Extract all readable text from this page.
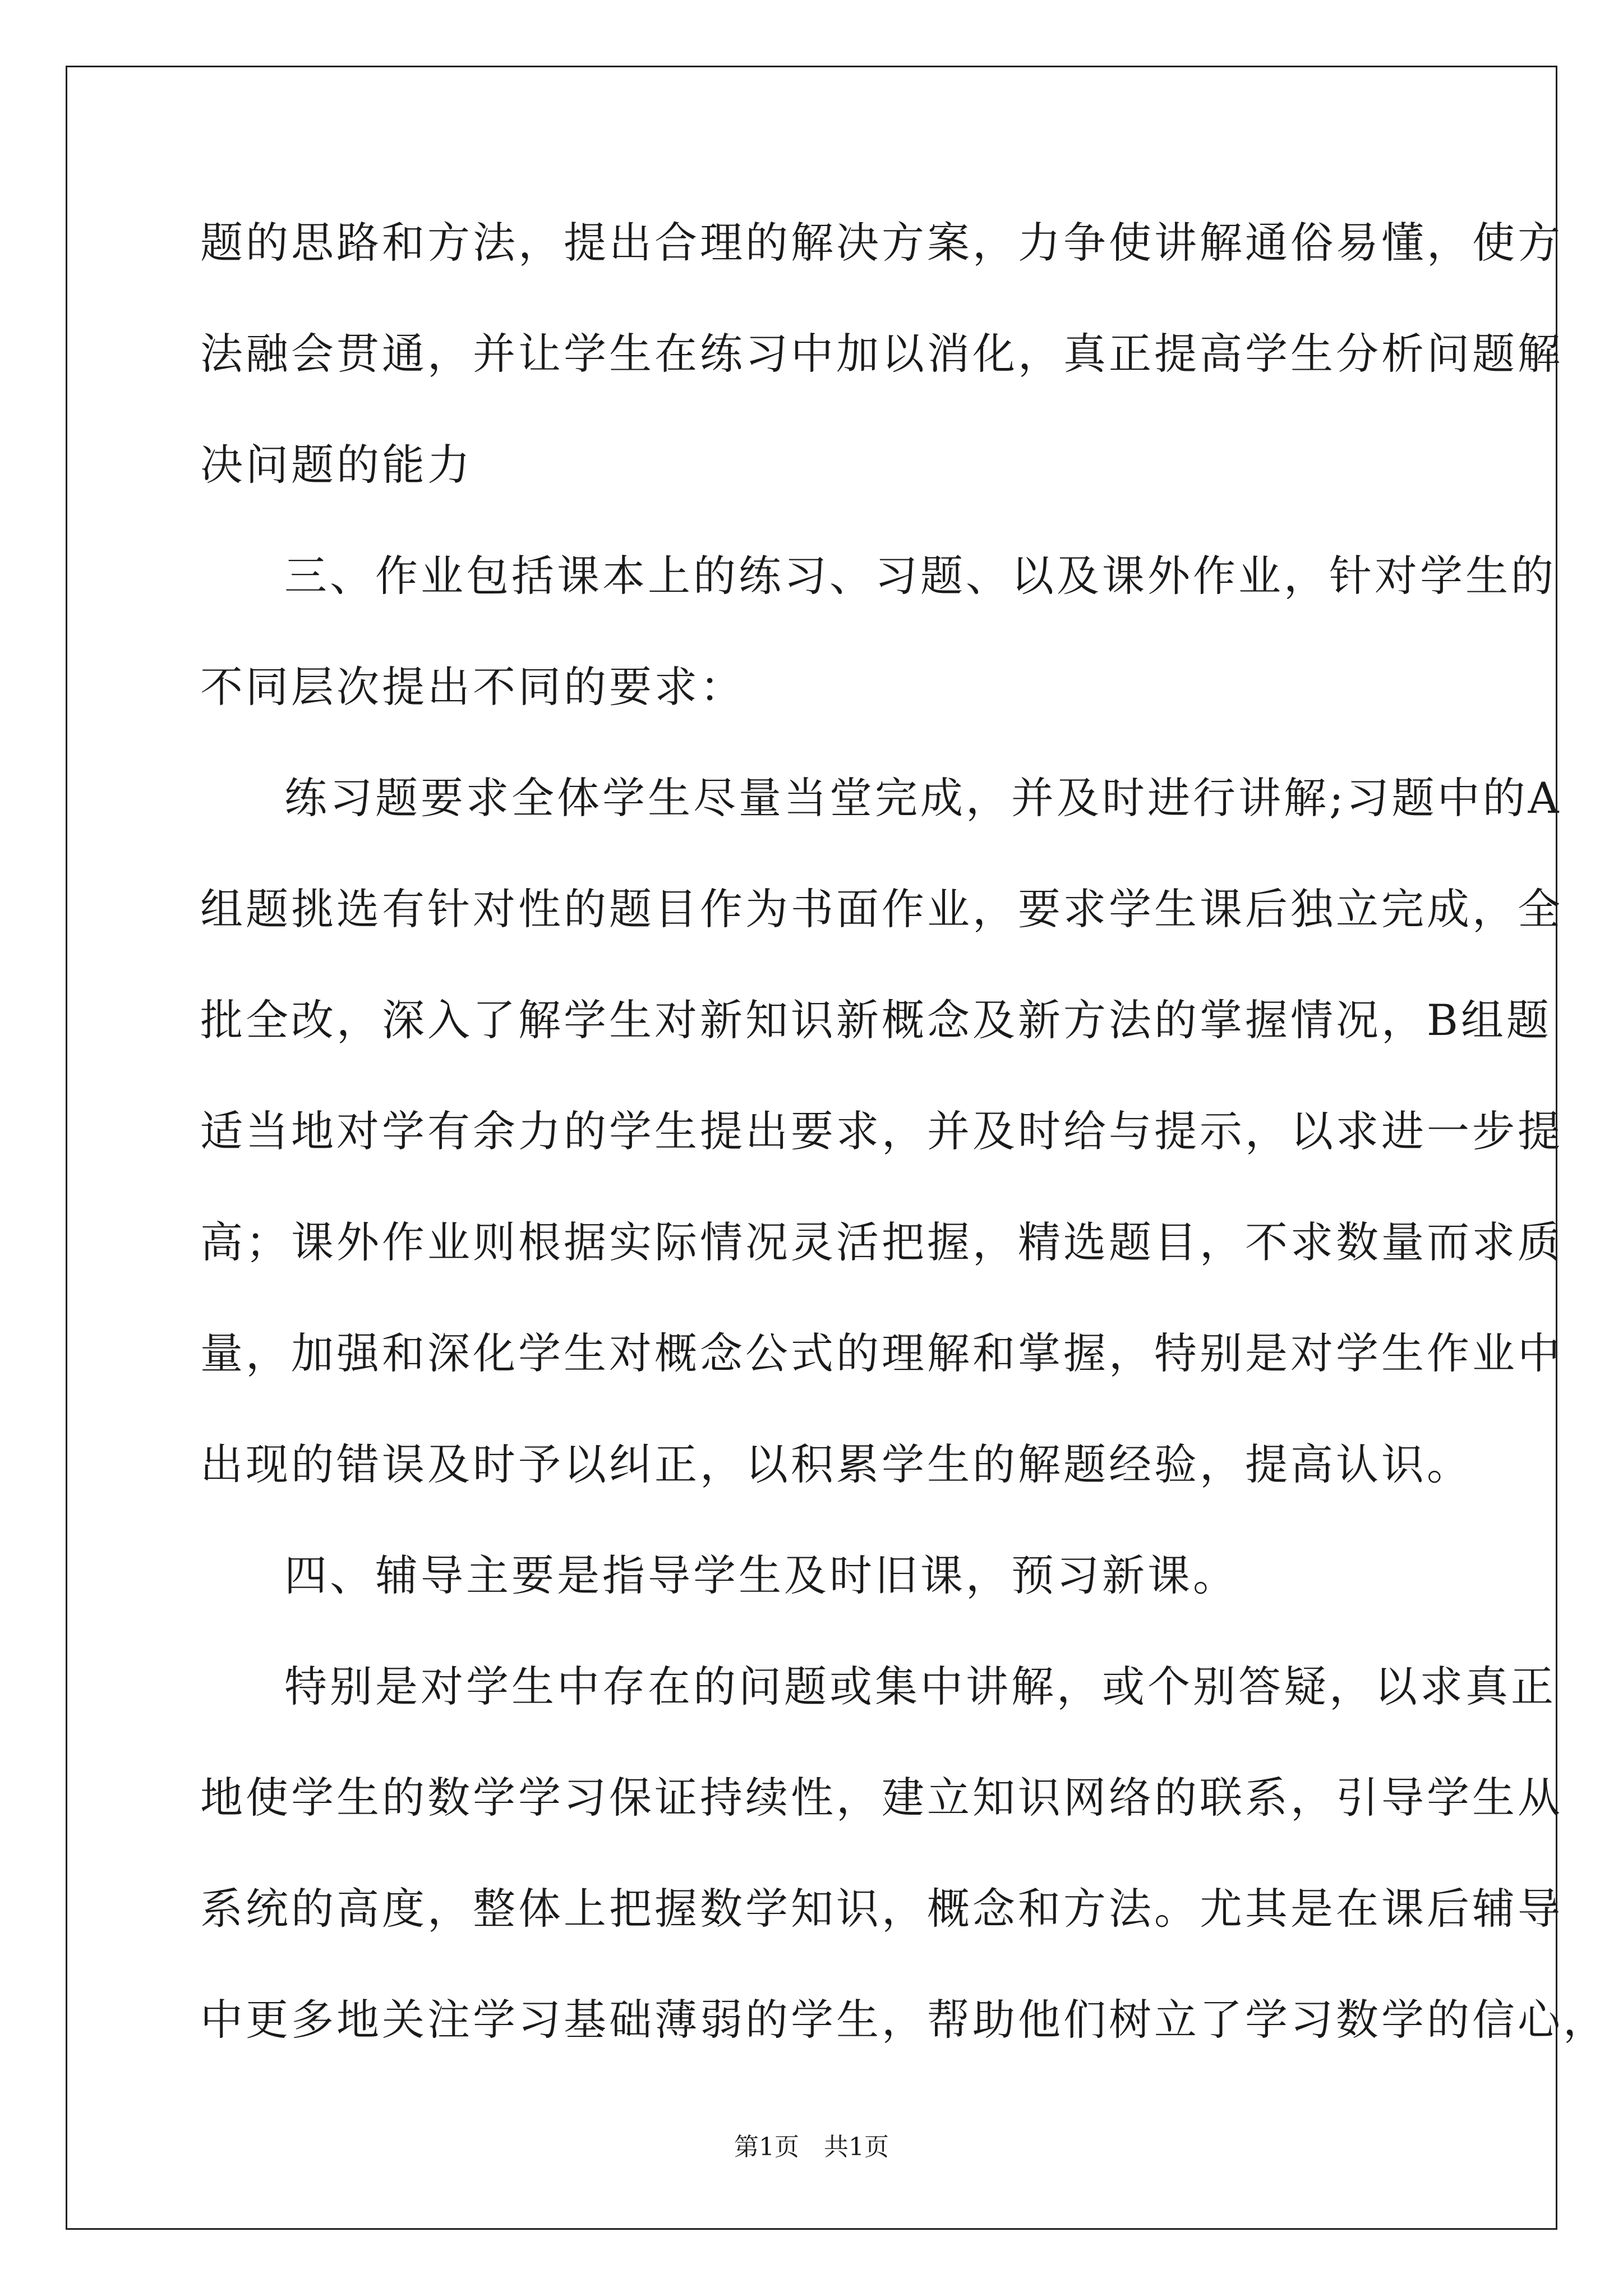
题的思路和方法，提出合理的解决方案，力争使讲解通俗易懂，使方
法融会贯通，并让学生在练习中加以消化，真正提高学生分析问题解
决问题的能力
三、作业包括课本上的练习、习题、以及课外作业，针对学生的
不同层次提出不同的要求：
练习题要求全体学生尽量当堂完成，并及时进行讲解;习题中的A
组题挑选有针对性的题目作为书面作业，要求学生课后独立完成，全
批全改，深入了解学生对新知识新概念及新方法的掌握情况，B组题
适当地对学有余力的学生提出要求，并及时给与提示，以求进一步提
高；课外作业则根据实际情况灵活把握，精选题目，不求数量而求质
量，加强和深化学生对概念公式的理解和掌握，特别是对学生作业中
出现的错误及时予以纠正，以积累学生的解题经验，提高认识。
四、辅导主要是指导学生及时旧课，预习新课。
特别是对学生中存在的问题或集中讲解，或个别答疑，以求真正
地使学生的数学学习保证持续性，建立知识网络的联系，引导学生从
系统的高度，整体上把握数学知识，概念和方法。尤其是在课后辅导
中更多地关注学习基础薄弱的学生，帮助他们树立了学习数学的信心，
第1页　共1页
